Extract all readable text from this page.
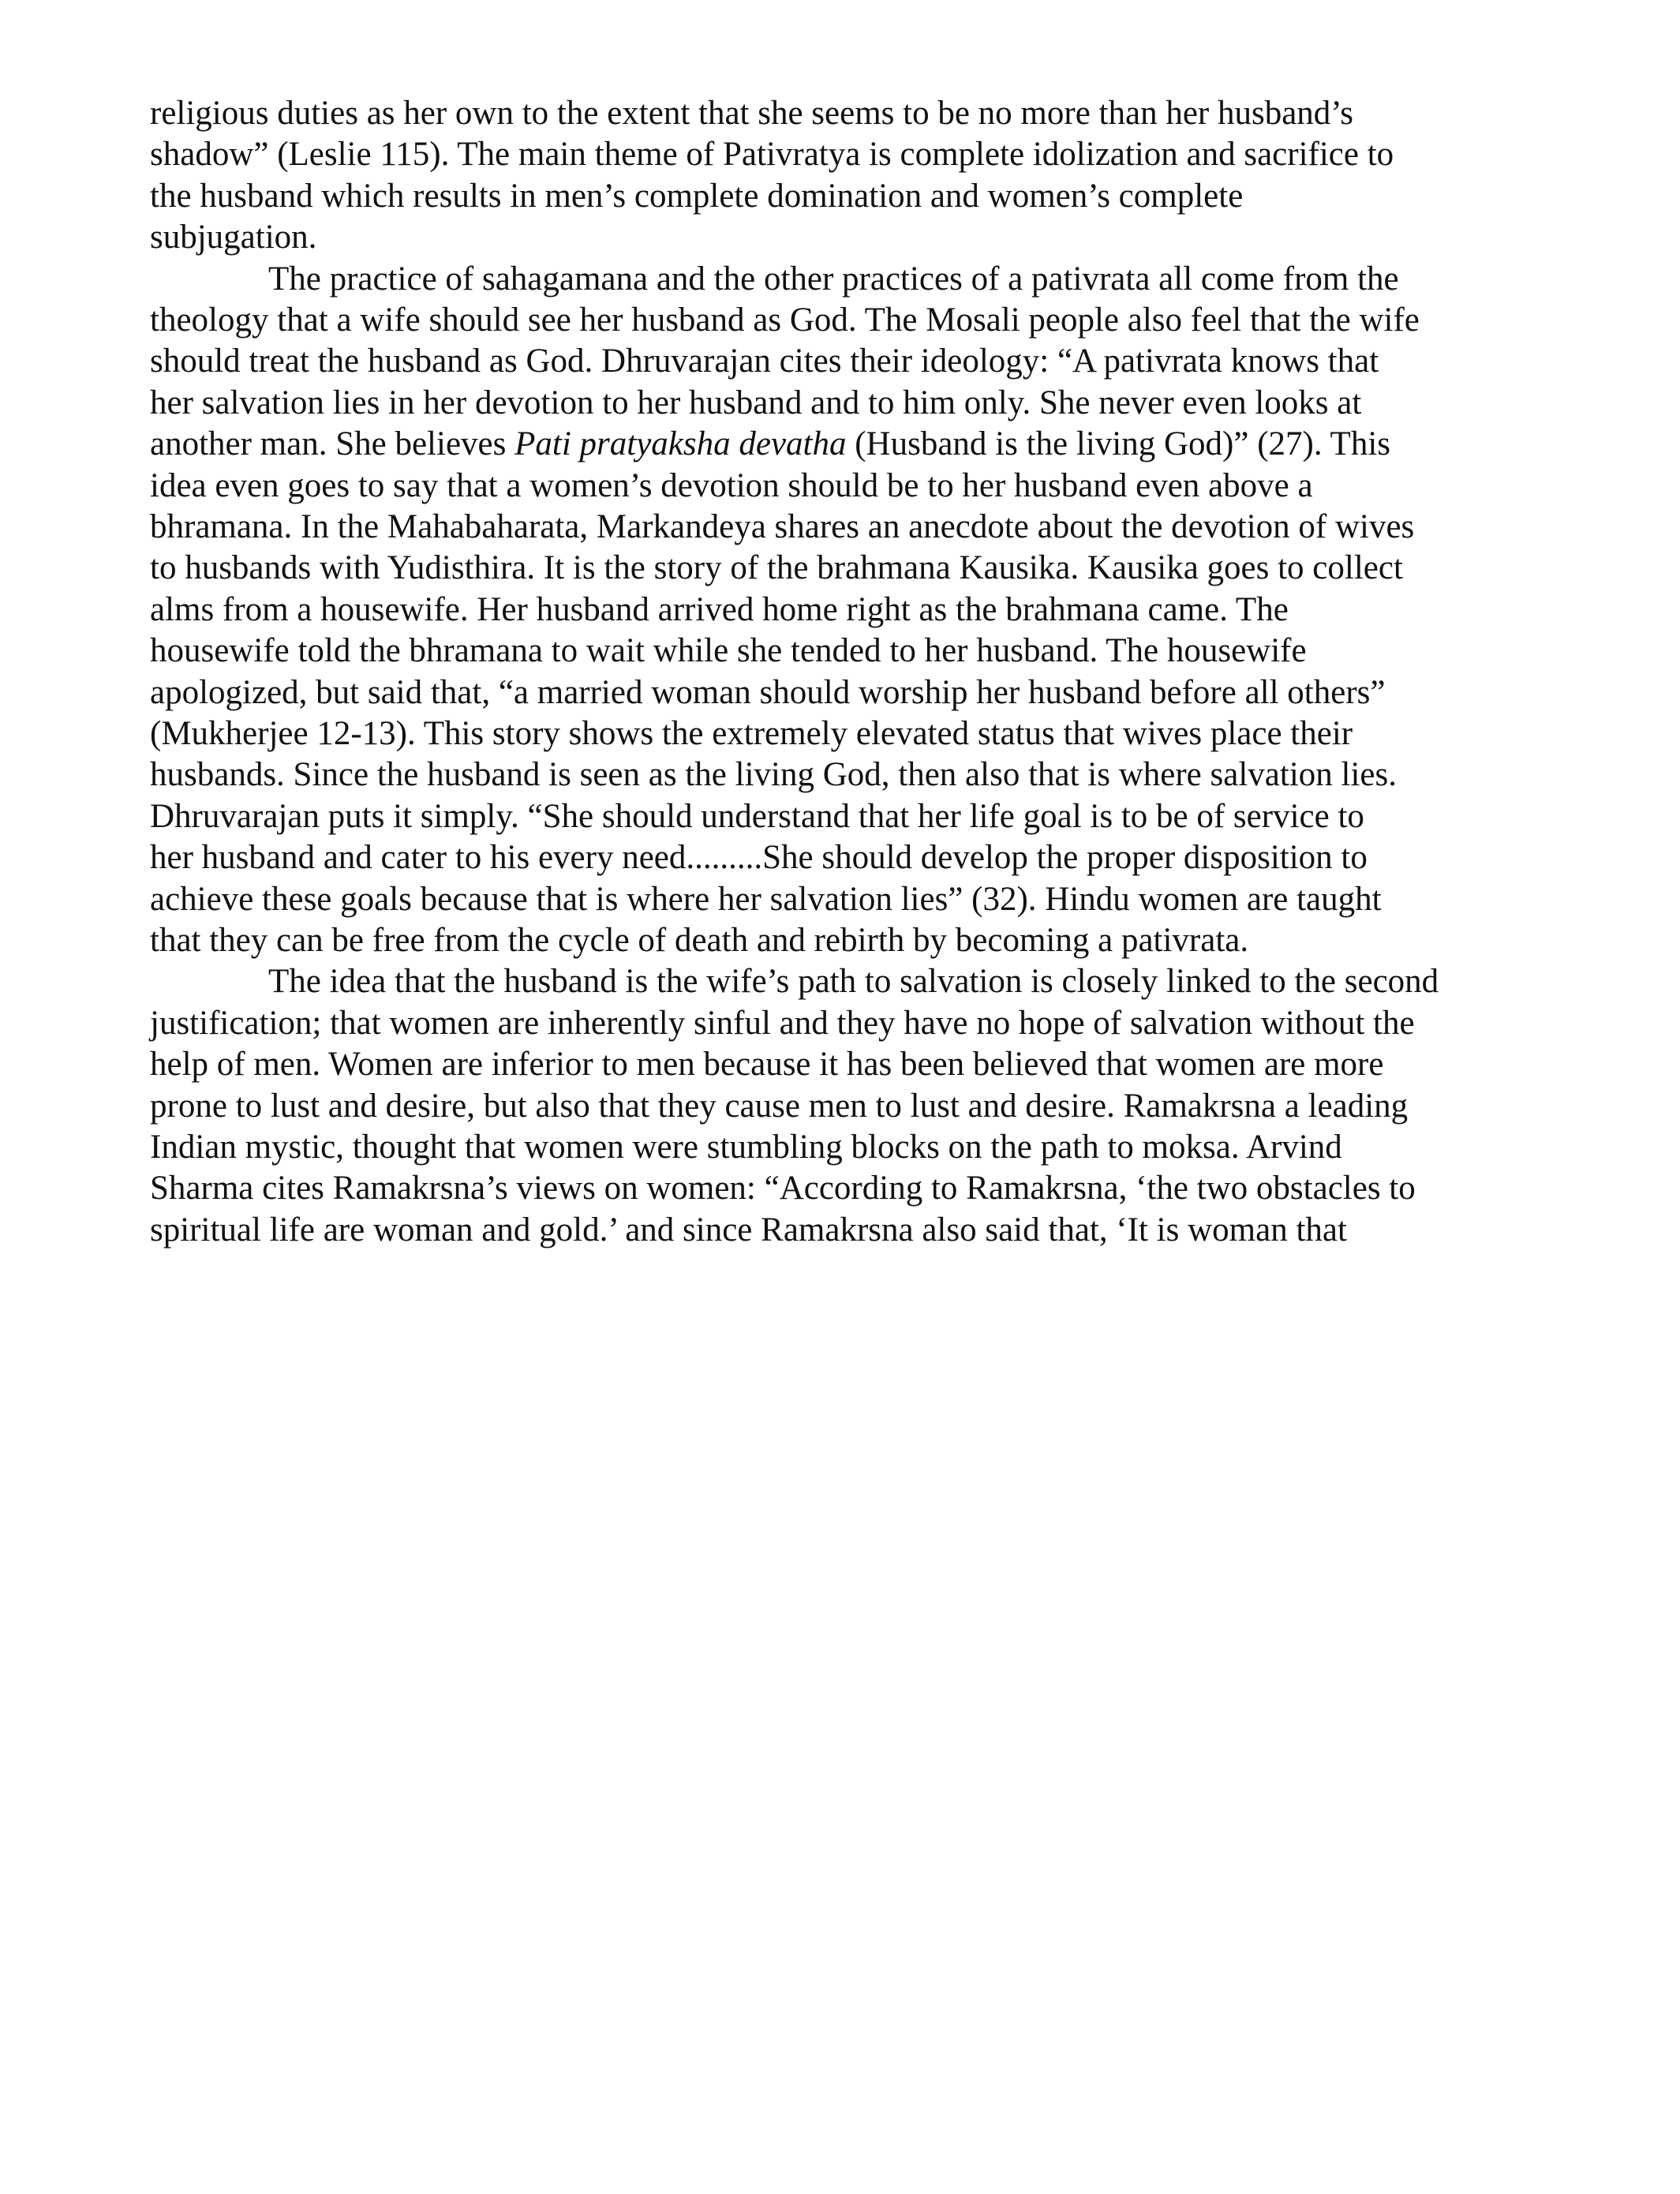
religious duties as her own to the extent that she seems to be no more than her husband’s
shadow” (Leslie 115). The main theme of Pativratya is complete idolization and sacrifice to
the husband which results in men’s complete domination and women’s complete
subjugation.
The practice of sahagamana and the other practices of a pativrata all come from the
theology that a wife should see her husband as God. The Mosali people also feel that the wife
should treat the husband as God. Dhruvarajan cites their ideology: “A pativrata knows that
her salvation lies in her devotion to her husband and to him only. She never even looks at
another man. She believes Pati pratyaksha devatha (Husband is the living God)” (27). This
idea even goes to say that a women’s devotion should be to her husband even above a
bhramana. In the Mahabaharata, Markandeya shares an anecdote about the devotion of wives
to husbands with Yudisthira. It is the story of the brahmana Kausika. Kausika goes to collect
alms from a housewife. Her husband arrived home right as the brahmana came. The
housewife told the bhramana to wait while she tended to her husband. The housewife
apologized, but said that, “a married woman should worship her husband before all others”
(Mukherjee 12-13). This story shows the extremely elevated status that wives place their
husbands. Since the husband is seen as the living God, then also that is where salvation lies.
Dhruvarajan puts it simply. “She should understand that her life goal is to be of service to
her husband and cater to his every need.........She should develop the proper disposition to
achieve these goals because that is where her salvation lies” (32). Hindu women are taught
that they can be free from the cycle of death and rebirth by becoming a pativrata.
The idea that the husband is the wife’s path to salvation is closely linked to the second
justification; that women are inherently sinful and they have no hope of salvation without the
help of men. Women are inferior to men because it has been believed that women are more
prone to lust and desire, but also that they cause men to lust and desire. Ramakrsna a leading
Indian mystic, thought that women were stumbling blocks on the path to moksa. Arvind
Sharma cites Ramakrsna’s views on women: “According to Ramakrsna, ‘the two obstacles to
spiritual life are woman and gold.’ and since Ramakrsna also said that, ‘It is woman that
